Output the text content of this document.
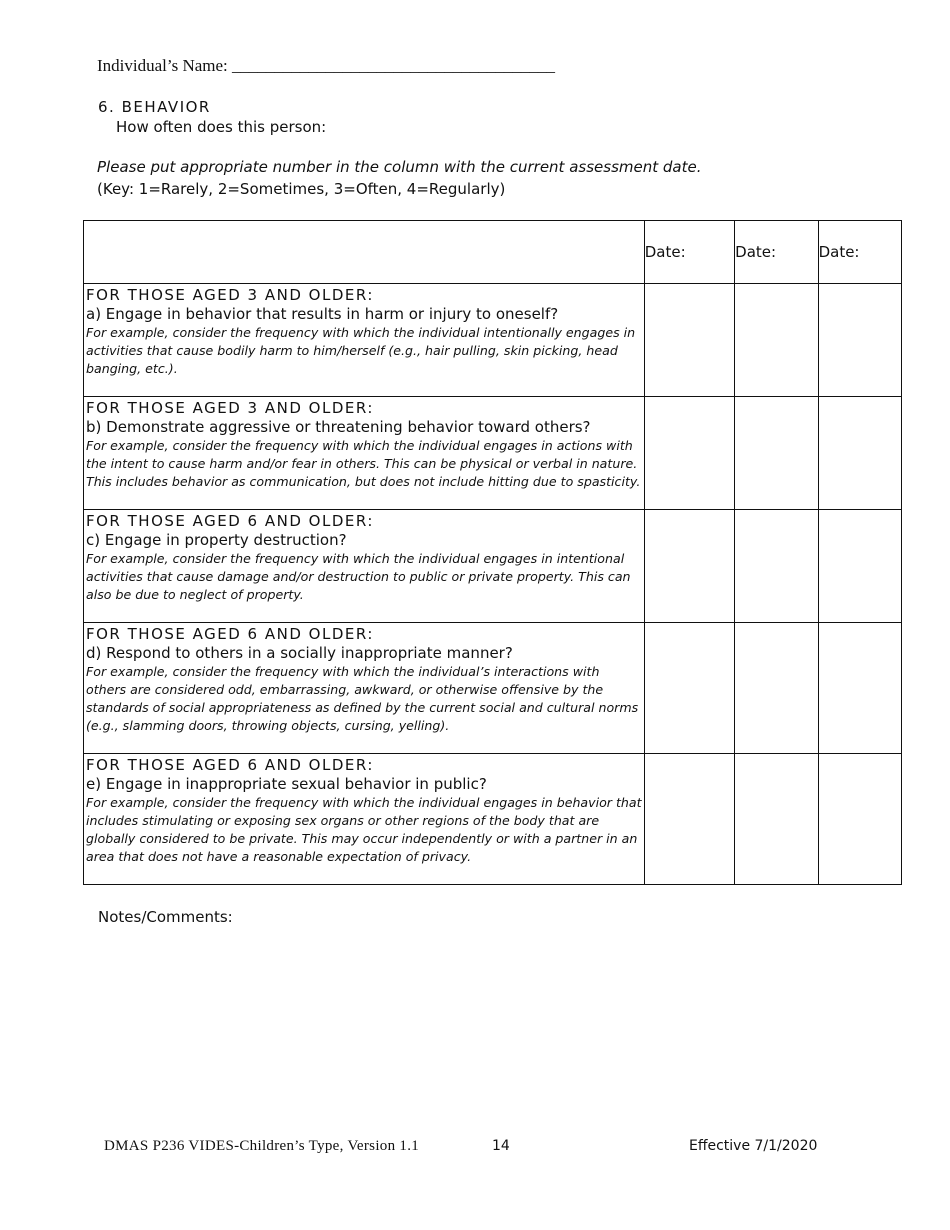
Individual’s Name: ______________________________________
6. BEHAVIOR
How often does this person:
Please put appropriate number in the column with the current assessment date.
(Key: 1=Rarely, 2=Sometimes, 3=Often, 4=Regularly)
	Date:	Date:	Date:

FOR THOSE AGED 3 AND OLDER:
a) Engage in behavior that results in harm or injury to oneself?
For example, consider the frequency with which the individual intentionally engages in activities that cause bodily harm to him/herself (e.g., hair pulling, skin picking, head banging, etc.).			

FOR THOSE AGED 3 AND OLDER:
b) Demonstrate aggressive or threatening behavior toward others?
For example, consider the frequency with which the individual engages in actions with the intent to cause harm and/or fear in others. This can be physical or verbal in nature. This includes behavior as communication, but does not include hitting due to spasticity.			

FOR THOSE AGED 6 AND OLDER:
c) Engage in property destruction?
For example, consider the frequency with which the individual engages in intentional activities that cause damage and/or destruction to public or private property. This can also be due to neglect of property.			

FOR THOSE AGED 6 AND OLDER:
d) Respond to others in a socially inappropriate manner?
For example, consider the frequency with which the individual’s interactions with others are considered odd, embarrassing, awkward, or otherwise offensive by the standards of social appropriateness as defined by the current social and cultural norms (e.g., slamming doors, throwing objects, cursing, yelling).			

FOR THOSE AGED 6 AND OLDER:
e) Engage in inappropriate sexual behavior in public?
For example, consider the frequency with which the individual engages in behavior that includes stimulating or exposing sex organs or other regions of the body that are globally considered to be private. This may occur independently or with a partner in an area that does not have a reasonable expectation of privacy.			

Notes/Comments:
DMAS P236 VIDES-Children’s Type, Version 1.1	14	Effective 7/1/2020
